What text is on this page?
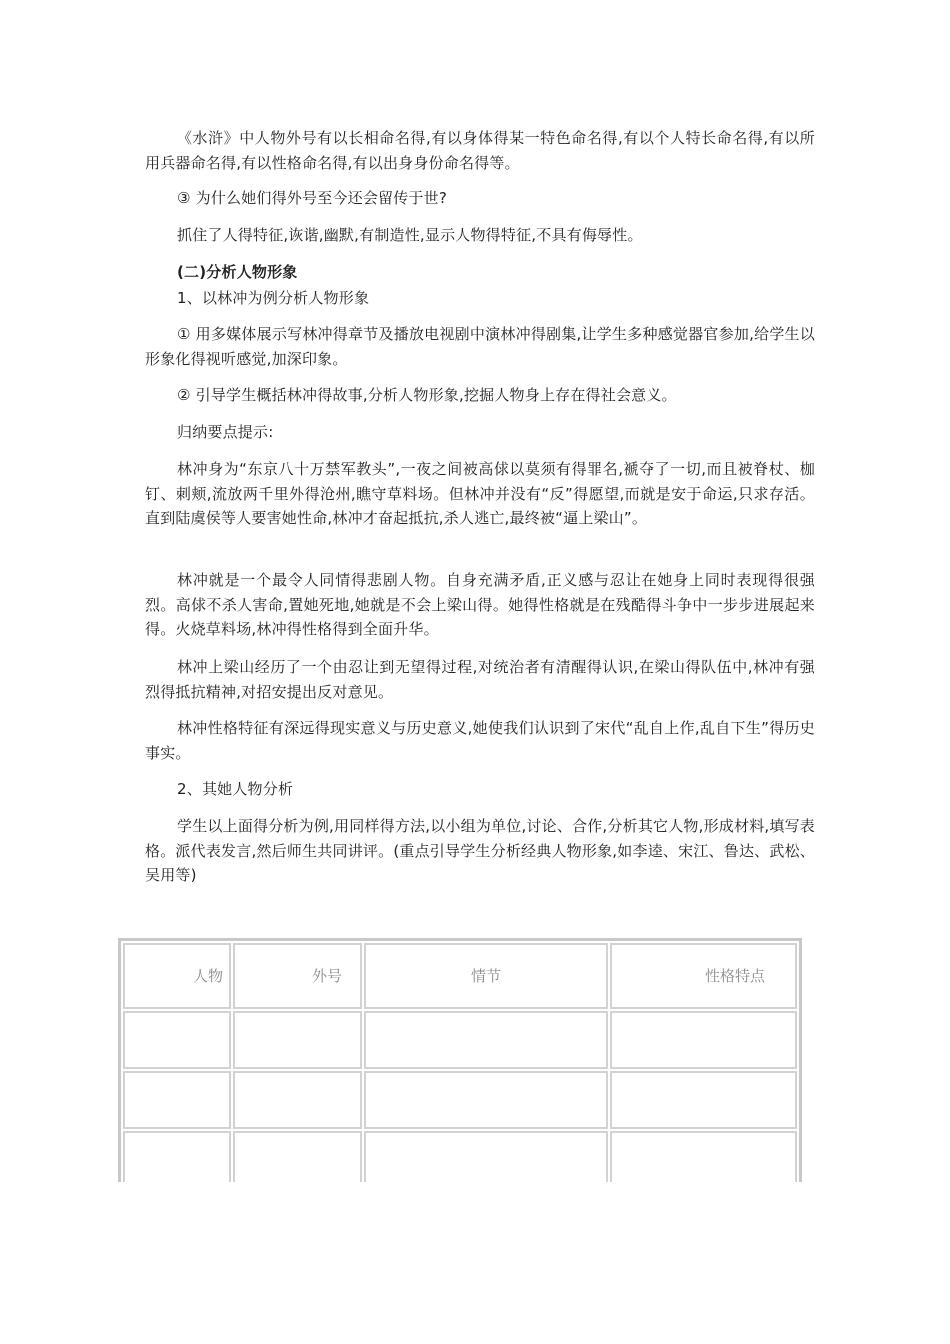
《水浒》中人物外号有以长相命名得,有以身体得某一特色命名得,有以个人特长命名得,有以所用兵器命名得,有以性格命名得,有以出身身份命名得等。

③ 为什么她们得外号至今还会留传于世?

抓住了人得特征,诙谐,幽默,有制造性,显示人物得特征,不具有侮辱性。

(二)分析人物形象

1、以林冲为例分析人物形象

① 用多媒体展示写林冲得章节及播放电视剧中演林冲得剧集,让学生多种感觉器官参加,给学生以形象化得视听感觉,加深印象。

② 引导学生概括林冲得故事,分析人物形象,挖掘人物身上存在得社会意义。

归纳要点提示:

林冲身为“东京八十万禁军教头”,一夜之间被高俅以莫须有得罪名,褫夺了一切,而且被脊杖、枷钉、刺颊,流放两千里外得沧州,瞧守草料场。但林冲并没有“反”得愿望,而就是安于命运,只求存活。直到陆虞侯等人要害她性命,林冲才奋起抵抗,杀人逃亡,最终被“逼上梁山”。

林冲就是一个最令人同情得悲剧人物。自身充满矛盾,正义感与忍让在她身上同时表现得很强烈。高俅不杀人害命,置她死地,她就是不会上梁山得。她得性格就是在残酷得斗争中一步步进展起来得。火烧草料场,林冲得性格得到全面升华。

林冲上梁山经历了一个由忍让到无望得过程,对统治者有清醒得认识,在梁山得队伍中,林冲有强烈得抵抗精神,对招安提出反对意见。

林冲性格特征有深远得现实意义与历史意义,她使我们认识到了宋代“乱自上作,乱自下生”得历史事实。

2、其她人物分析

学生以上面得分析为例,用同样得方法,以小组为单位,讨论、合作,分析其它人物,形成材料,填写表格。派代表发言,然后师生共同讲评。(重点引导学生分析经典人物形象,如李逵、宋江、鲁达、武松、吴用等)

人物	外号	情节	性格特点
